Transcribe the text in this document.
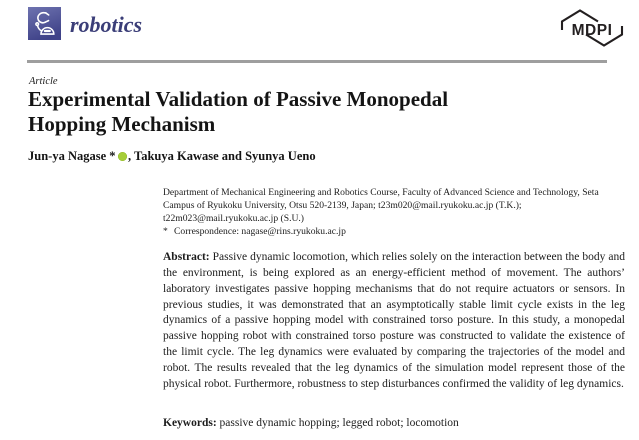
robotics	MDPI
Article
Experimental Validation of Passive Monopedal Hopping Mechanism
Jun-ya Nagase * , Takuya Kawase and Syunya Ueno
Department of Mechanical Engineering and Robotics Course, Faculty of Advanced Science and Technology, Seta Campus of Ryukoku University, Otsu 520-2139, Japan; t23m020@mail.ryukoku.ac.jp (T.K.); t22m023@mail.ryukoku.ac.jp (S.U.)
* Correspondence: nagase@rins.ryukoku.ac.jp

Abstract: Passive dynamic locomotion, which relies solely on the interaction between the body and the environment, is being explored as an energy-efficient method of movement. The authors’ laboratory investigates passive hopping mechanisms that do not require actuators or sensors. In previous studies, it was demonstrated that an asymptotically stable limit cycle exists in the leg dynamics of a passive hopping model with constrained torso posture. In this study, a monopedal passive hopping robot with constrained torso posture was constructed to validate the existence of the limit cycle. The leg dynamics were evaluated by comparing the trajectories of the model and robot. The results revealed that the leg dynamics of the simulation model represent those of the physical robot. Furthermore, robustness to step disturbances confirmed the validity of leg dynamics.

Keywords: passive dynamic hopping; legged robot; locomotion
